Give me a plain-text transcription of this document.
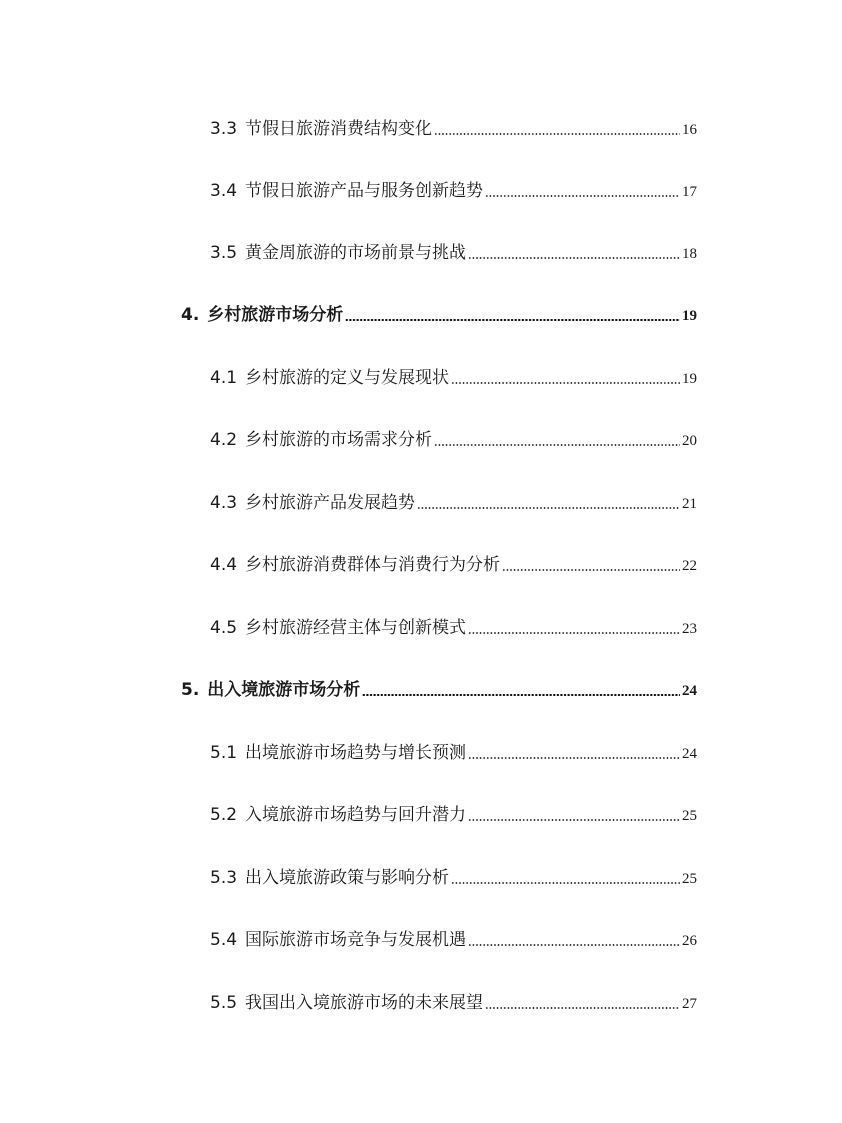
3.3 节假日旅游消费结构变化	16
3.4 节假日旅游产品与服务创新趋势	17
3.5 黄金周旅游的市场前景与挑战	18
4. 乡村旅游市场分析	19
4.1 乡村旅游的定义与发展现状	19
4.2 乡村旅游的市场需求分析	20
4.3 乡村旅游产品发展趋势	21
4.4 乡村旅游消费群体与消费行为分析	22
4.5 乡村旅游经营主体与创新模式	23
5. 出入境旅游市场分析	24
5.1 出境旅游市场趋势与增长预测	24
5.2 入境旅游市场趋势与回升潜力	25
5.3 出入境旅游政策与影响分析	25
5.4 国际旅游市场竞争与发展机遇	26
5.5 我国出入境旅游市场的未来展望	27
